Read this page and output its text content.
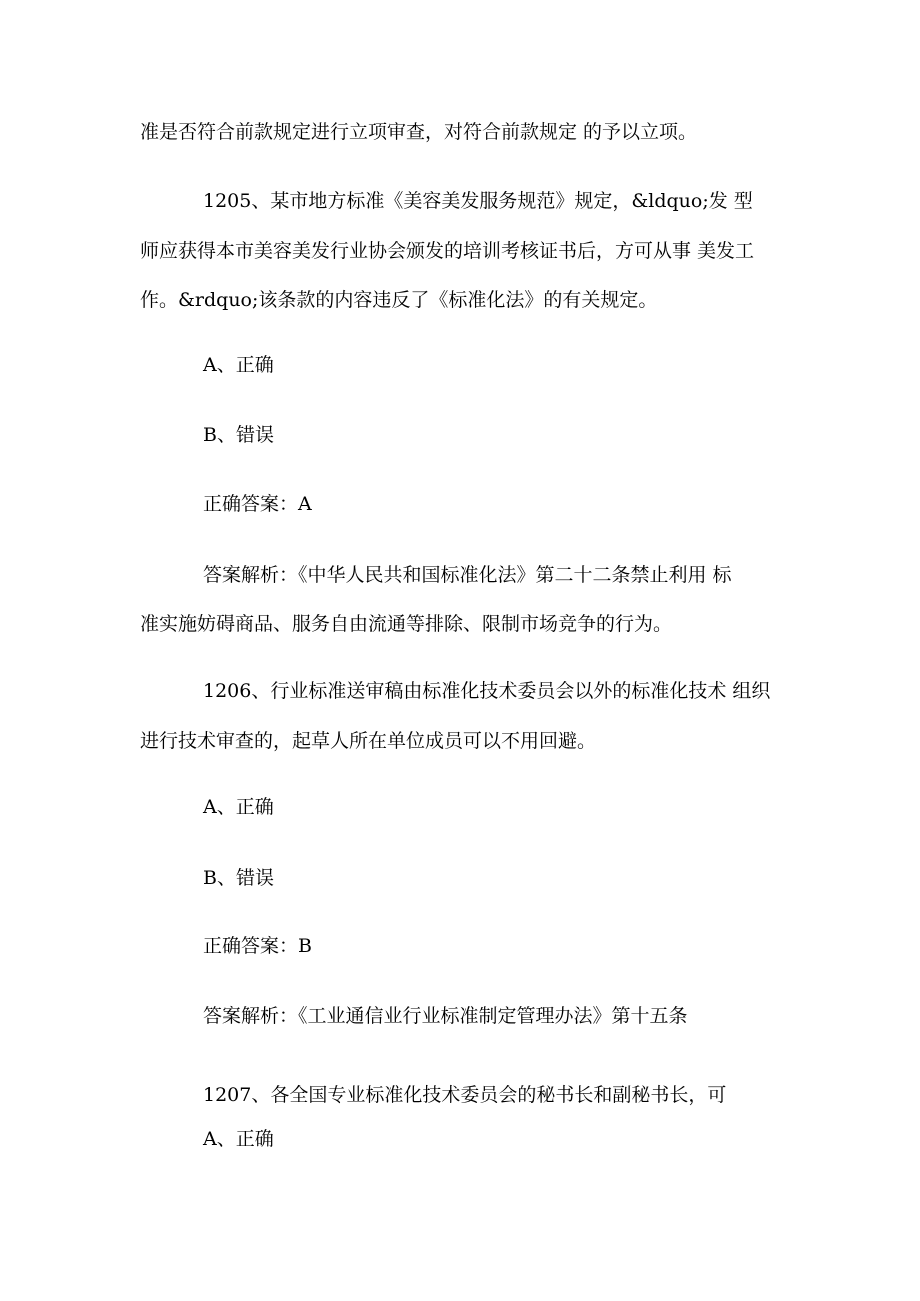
准是否符合前款规定进行立项审查，对符合前款规定 的予以立项。
1205、某市地方标准《美容美发服务规范》规定，&ldquo;发 型
师应获得本市美容美发行业协会颁发的培训考核证书后，方可从事 美发工
作。&rdquo;该条款的内容违反了《标准化法》的有关规定。
A、正确
B、错误
正确答案：A
答案解析：《中华人民共和国标准化法》第二十二条禁止利用 标
准实施妨碍商品、服务自由流通等排除、限制市场竞争的行为。
1206、行业标准送审稿由标准化技术委员会以外的标准化技术 组织
进行技术审查的，起草人所在单位成员可以不用回避。
A、正确
B、错误
正确答案：B
答案解析：《工业通信业行业标准制定管理办法》第十五条
1207、各全国专业标准化技术委员会的秘书长和副秘书长，可
A、正确
